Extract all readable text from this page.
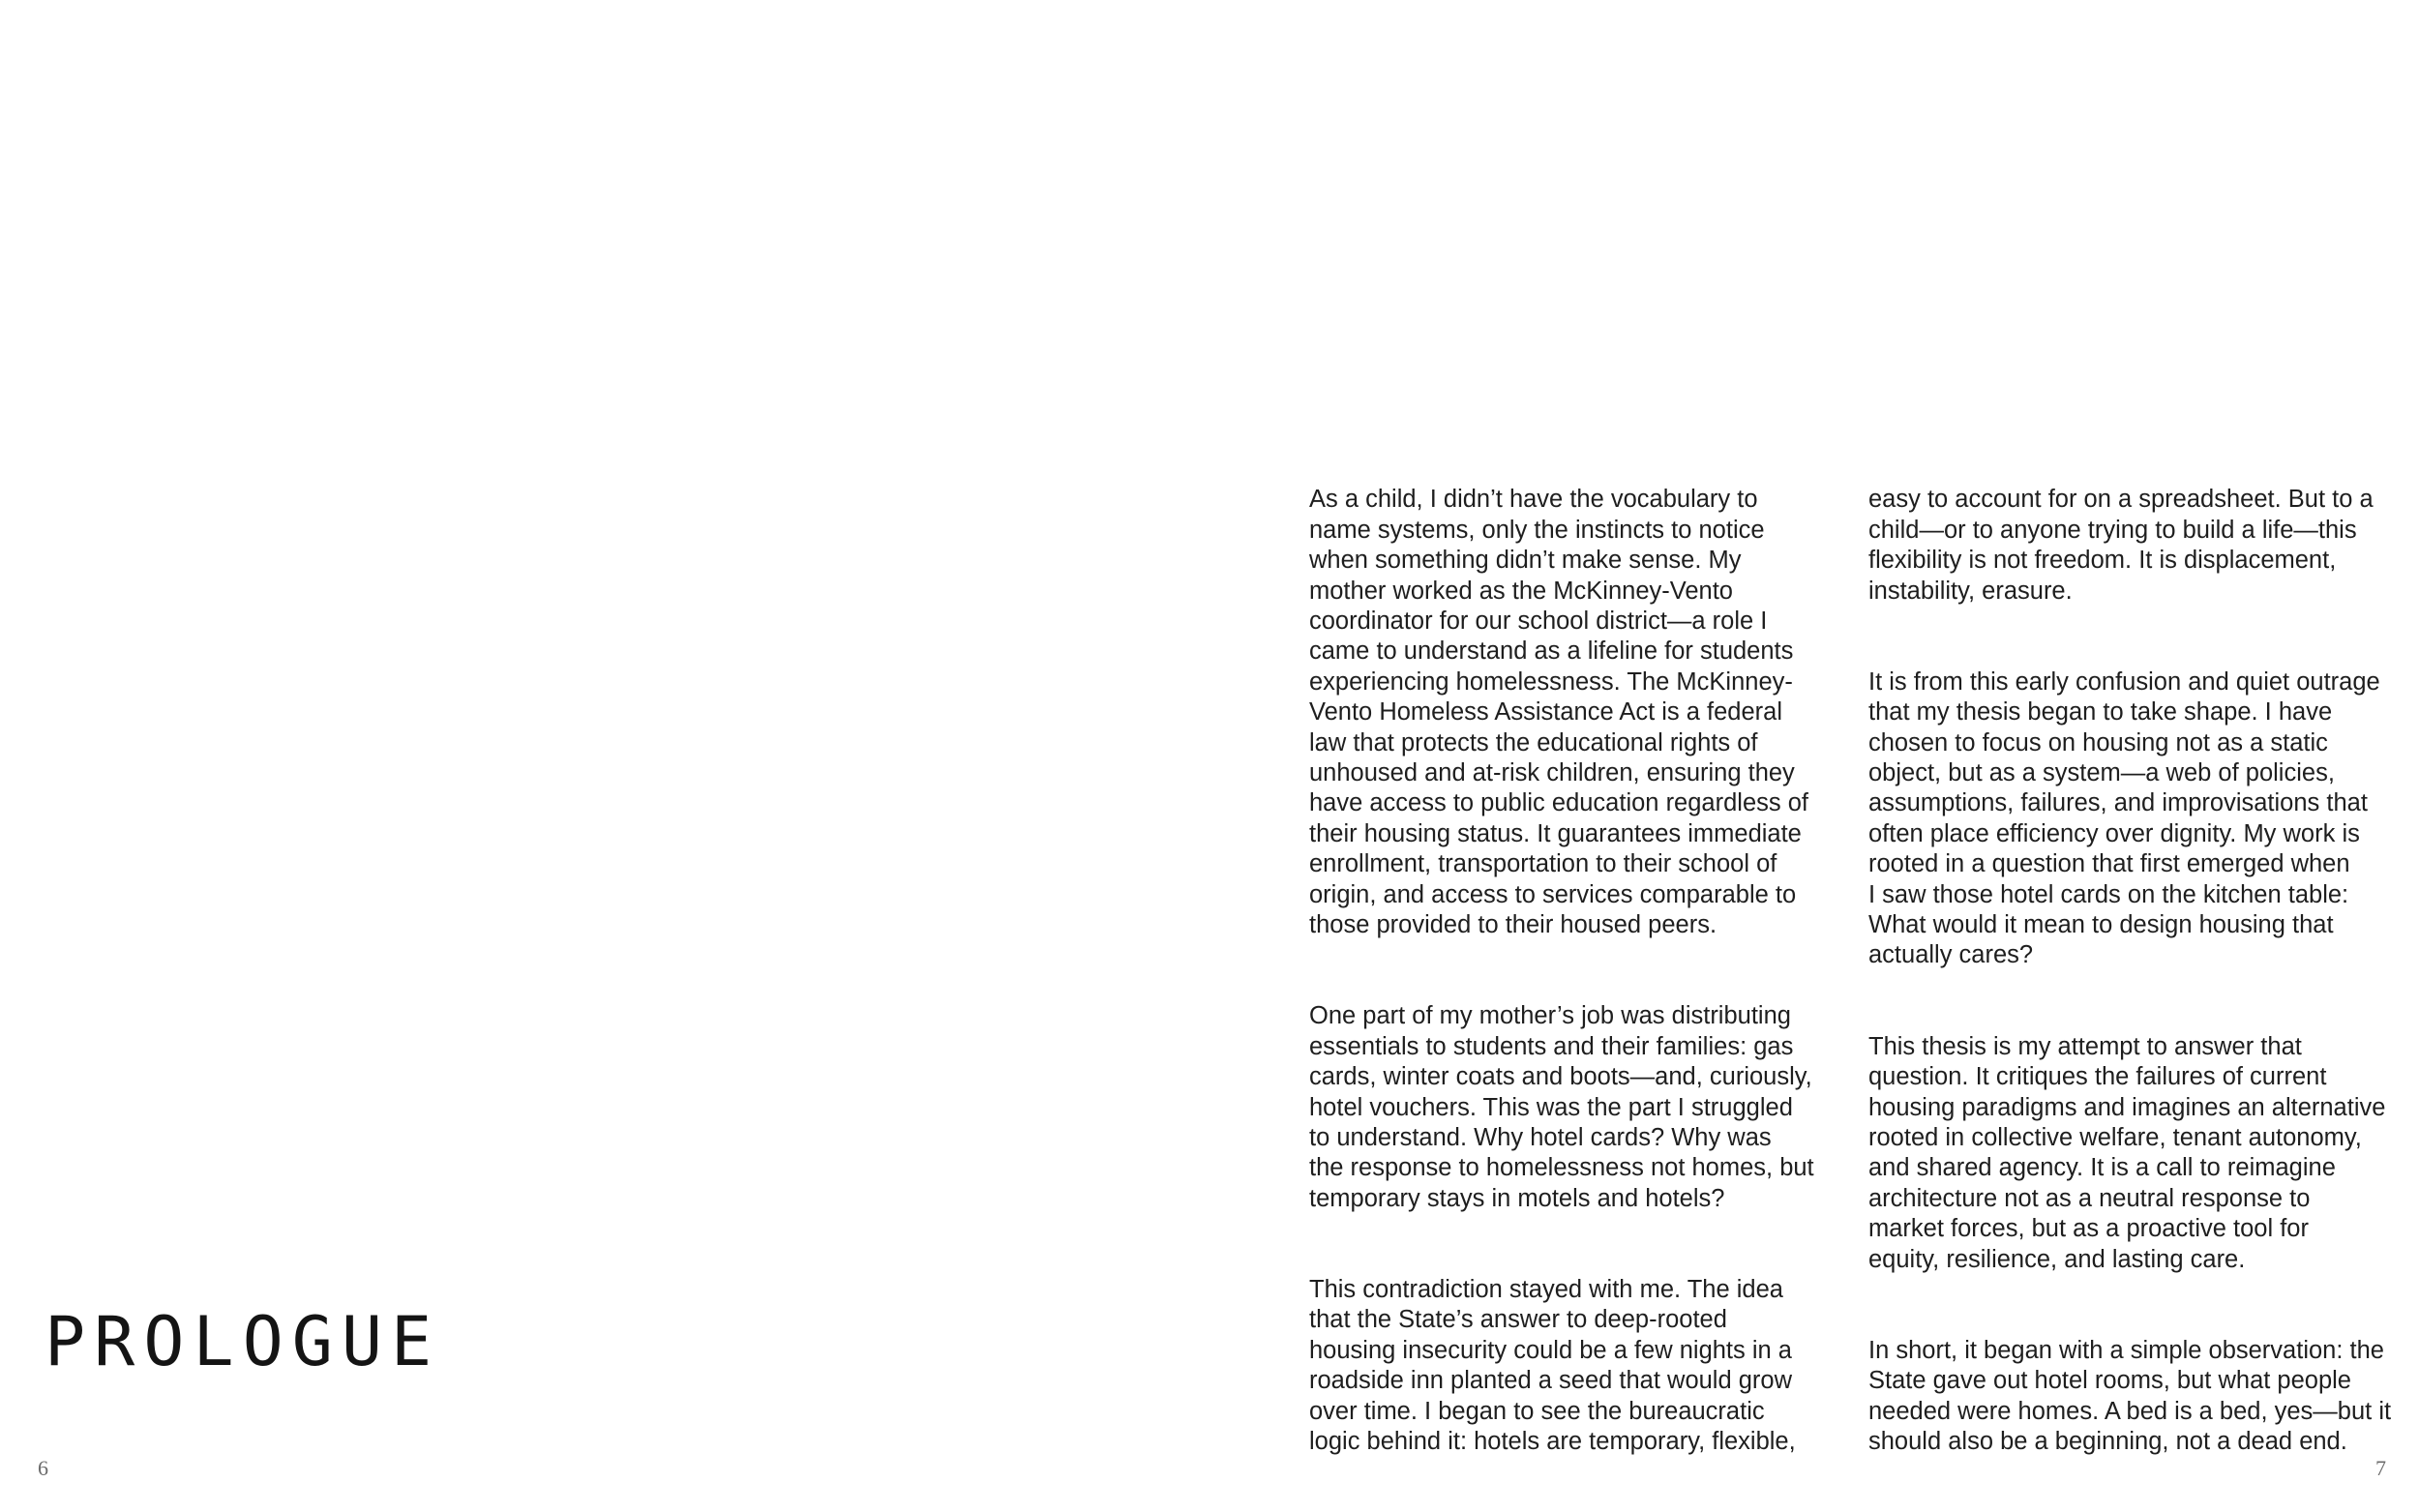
PROLOGUE
6

As a child, I didn’t have the vocabulary to
name systems, only the instincts to notice
when something didn’t make sense. My
mother worked as the McKinney-Vento
coordinator for our school district—a role I
came to understand as a lifeline for students
experiencing homelessness. The McKinney-
Vento Homeless Assistance Act is a federal
law that protects the educational rights of
unhoused and at-risk children, ensuring they
have access to public education regardless of
their housing status. It guarantees immediate
enrollment, transportation to their school of
origin, and access to services comparable to
those provided to their housed peers.

One part of my mother’s job was distributing
essentials to students and their families: gas
cards, winter coats and boots—and, curiously,
hotel vouchers. This was the part I struggled
to understand. Why hotel cards? Why was
the response to homelessness not homes, but
temporary stays in motels and hotels?

This contradiction stayed with me. The idea
that the State’s answer to deep-rooted
housing insecurity could be a few nights in a
roadside inn planted a seed that would grow
over time. I began to see the bureaucratic
logic behind it: hotels are temporary, flexible,

easy to account for on a spreadsheet. But to a
child—or to anyone trying to build a life—this
flexibility is not freedom. It is displacement,
instability, erasure.

It is from this early confusion and quiet outrage
that my thesis began to take shape. I have
chosen to focus on housing not as a static
object, but as a system—a web of policies,
assumptions, failures, and improvisations that
often place efficiency over dignity. My work is
rooted in a question that first emerged when
I saw those hotel cards on the kitchen table:
What would it mean to design housing that
actually cares?

This thesis is my attempt to answer that
question. It critiques the failures of current
housing paradigms and imagines an alternative
rooted in collective welfare, tenant autonomy,
and shared agency. It is a call to reimagine
architecture not as a neutral response to
market forces, but as a proactive tool for
equity, resilience, and lasting care.

In short, it began with a simple observation: the
State gave out hotel rooms, but what people
needed were homes. A bed is a bed, yes—but it
should also be a beginning, not a dead end.

7
